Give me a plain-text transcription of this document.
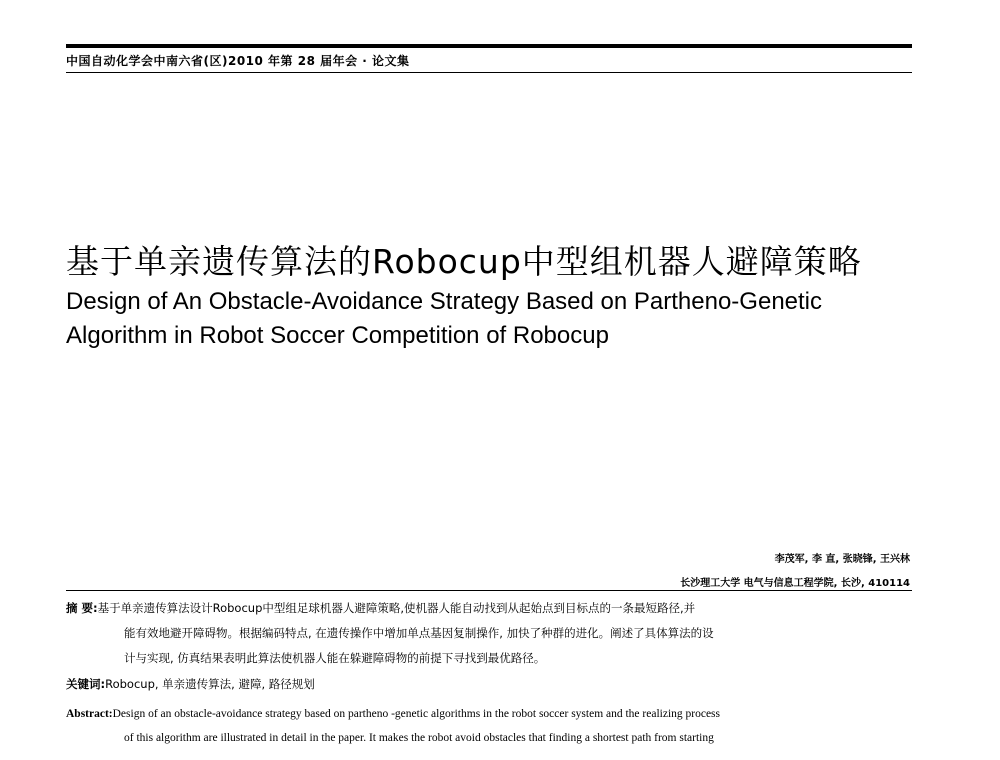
中国自动化学会中南六省(区)2010 年第 28 届年会 · 论文集
基于单亲遗传算法的Robocup中型组机器人避障策略
Design of An Obstacle-Avoidance Strategy Based on Partheno-Genetic
Algorithm in Robot Soccer Competition of Robocup
李茂军, 李 直, 张晓锋, 王兴林
长沙理工大学 电气与信息工程学院, 长沙, 410114
摘 要:基于单亲遗传算法设计Robocup中型组足球机器人避障策略,使机器人能自动找到从起始点到目标点的一条最短路径,并
能有效地避开障碍物。根据编码特点, 在遗传操作中增加单点基因复制操作, 加快了种群的进化。阐述了具体算法的设
计与实现, 仿真结果表明此算法使机器人能在躲避障碍物的前提下寻找到最优路径。
关键词:Robocup, 单亲遗传算法, 避障, 路径规划
Abstract:Design of an obstacle-avoidance strategy based on partheno -genetic algorithms in the robot soccer system and the realizing process
of this algorithm are illustrated in detail in the paper. It makes the robot avoid obstacles that finding a shortest path from starting
